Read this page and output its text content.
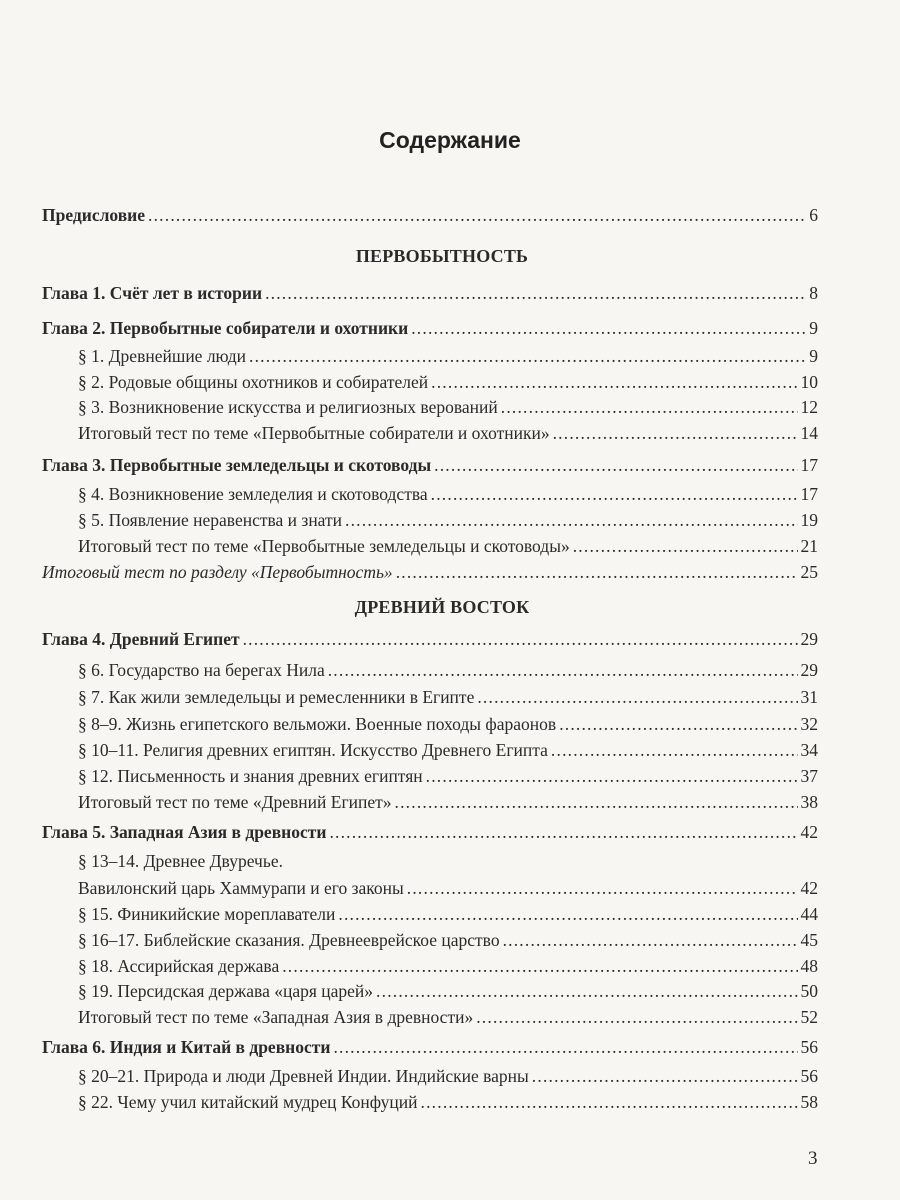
Содержание
Предисловие .....	6
ПЕРВОБЫТНОСТЬ
Глава 1. Счёт лет в истории .....	8
Глава 2. Первобытные собиратели и охотники .....	9
§ 1. Древнейшие люди .....	9
§ 2. Родовые общины охотников и собирателей .....	10
§ 3. Возникновение искусства и религиозных верований .....	12
Итоговый тест по теме «Первобытные собиратели и охотники» .....	14
Глава 3. Первобытные земледельцы и скотоводы .....	17
§ 4. Возникновение земледелия и скотоводства .....	17
§ 5. Появление неравенства и знати .....	19
Итоговый тест по теме «Первобытные земледельцы и скотоводы» .....	21
Итоговый тест по разделу «Первобытность» .....	25
ДРЕВНИЙ ВОСТОК
Глава 4. Древний Египет .....	29
§ 6. Государство на берегах Нила .....	29
§ 7. Как жили земледельцы и ремесленники в Египте .....	31
§ 8–9. Жизнь египетского вельможи. Военные походы фараонов .....	32
§ 10–11. Религия древних египтян. Искусство Древнего Египта .....	34
§ 12. Письменность и знания древних египтян .....	37
Итоговый тест по теме «Древний Египет» .....	38
Глава 5. Западная Азия в древности .....	42
§ 13–14. Древнее Двуречье.
Вавилонский царь Хаммурапи и его законы .....	42
§ 15. Финикийские мореплаватели .....	44
§ 16–17. Библейские сказания. Древнееврейское царство .....	45
§ 18. Ассирийская держава .....	48
§ 19. Персидская держава «царя царей» .....	50
Итоговый тест по теме «Западная Азия в древности» .....	52
Глава 6. Индия и Китай в древности .....	56
§ 20–21. Природа и люди Древней Индии. Индийские варны .....	56
§ 22. Чему учил китайский мудрец Конфуций .....	58
3
